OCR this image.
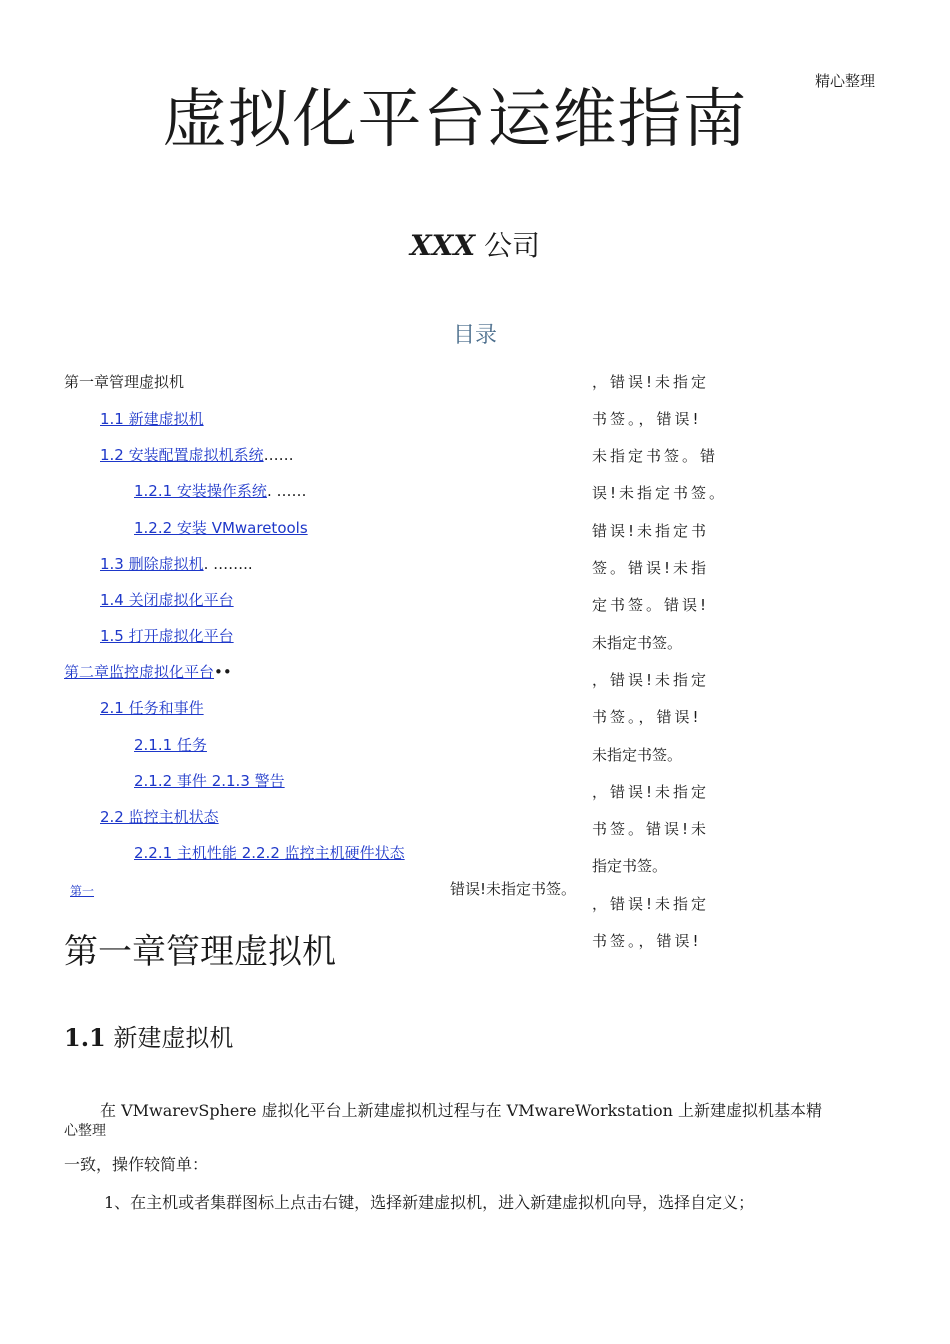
精心整理
虚拟化平台运维指南
XXX 公司
目录
第一章管理虚拟机
1.1 新建虚拟机
1.2 安装配置虚拟机系统……
1.2.1 安装操作系统. ……
1.2.2 安装 VMwaretools
1.3 删除虚拟机. ……..
1.4 关闭虚拟化平台
1.5 打开虚拟化平台
第二章监控虚拟化平台••
2.1 任务和事件
2.1.1 任务
2.1.2 事件 2.1.3 警告
2.2 监控主机状态
2.2.1 主机性能 2.2.2 监控主机硬件状态
第一	错误!未指定书签。
，错误!未指定
书签。，错误!
未指定书签。错
误!未指定书签。
错误!未指定书
签。错误!未指
定书签。错误!
未指定书签。
，错误!未指定
书签。，错误!
未指定书签。
，错误!未指定
书签。错误!未
指定书签。
，错误!未指定
书签。，错误!
第一章管理虚拟机
1.1 新建虚拟机
在 VMwarevSphere 虚拟化平台上新建虚拟机过程与在 VMwareWorkstation 上新建虚拟机基本精
心整理
一致，操作较简单：
1、在主机或者集群图标上点击右键，选择新建虚拟机，进入新建虚拟机向导，选择自定义；
